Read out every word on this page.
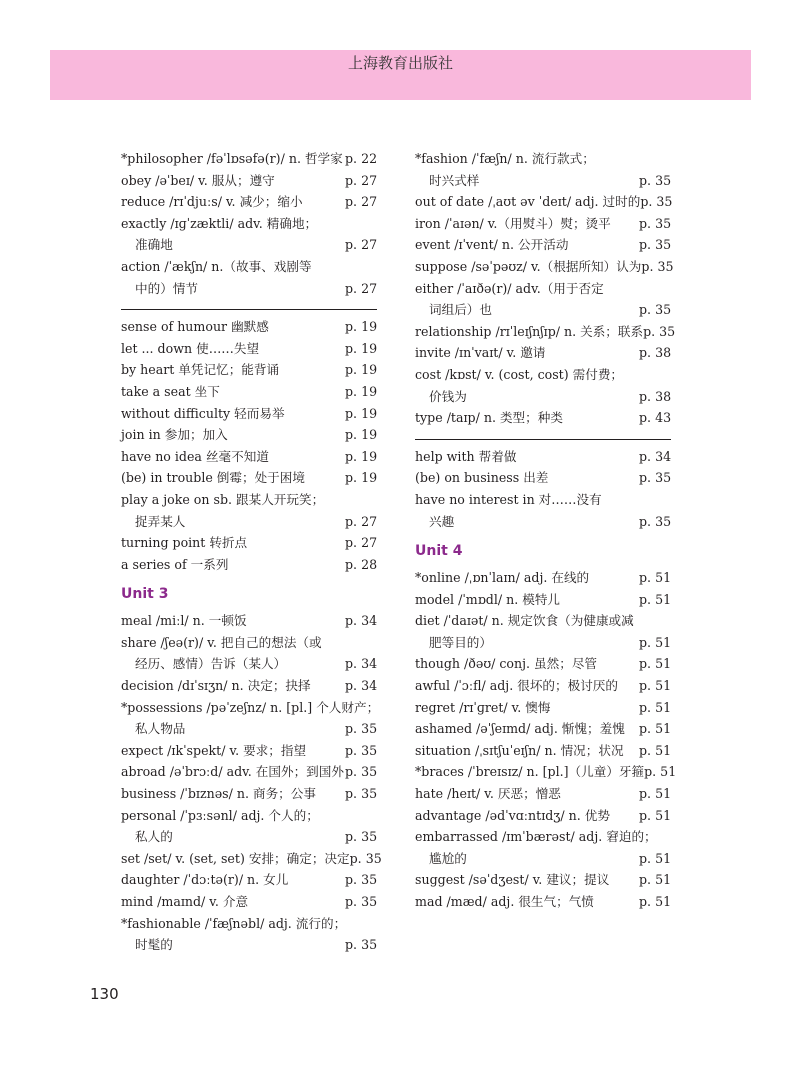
上海教育出版社
*philosopher /fəˈlɒsəfə(r)/ n. 哲学家 p. 22
obey /əˈbeɪ/ v. 服从；遵守	p. 27
reduce /rɪˈdjuːs/ v. 减少；缩小	p. 27
exactly /ɪɡˈzæktli/ adv. 精确地；
准确地	p. 27
action /ˈækʃn/ n.（故事、戏剧等
中的）情节	p. 27
sense of humour 幽默感	p. 19
let ... down 使……失望	p. 19
by heart 单凭记忆；能背诵	p. 19
take a seat 坐下	p. 19
without difficulty 轻而易举	p. 19
join in 参加；加入	p. 19
have no idea 丝毫不知道	p. 19
(be) in trouble 倒霉；处于困境	p. 19
play a joke on sb. 跟某人开玩笑；
捉弄某人	p. 27
turning point 转折点	p. 27
a series of 一系列	p. 28
Unit 3
meal /miːl/ n. 一顿饭	p. 34
share /ʃeə(r)/ v. 把自己的想法（或
经历、感情）告诉（某人）	p. 34
decision /dɪˈsɪʒn/ n. 决定；抉择	p. 34
*possessions /pəˈzeʃnz/ n. [pl.] 个人财产；
私人物品	p. 35
expect /ɪkˈspekt/ v. 要求；指望	p. 35
abroad /əˈbrɔːd/ adv. 在国外；到国外 p. 35
business /ˈbɪznəs/ n. 商务；公事	p. 35
personal /ˈpɜːsənl/ adj. 个人的；
私人的	p. 35
set /set/ v. (set, set) 安排；确定；决定 p. 35
daughter /ˈdɔːtə(r)/ n. 女儿	p. 35
mind /maɪnd/ v. 介意	p. 35
*fashionable /ˈfæʃnəbl/ adj. 流行的；
时髦的	p. 35
*fashion /ˈfæʃn/ n. 流行款式；
时兴式样	p. 35
out of date /ˌaʊt əv ˈdeɪt/ adj. 过时的 p. 35
iron /ˈaɪən/ v.（用熨斗）熨；烫平	p. 35
event /ɪˈvent/ n. 公开活动	p. 35
suppose /səˈpəʊz/ v.（根据所知）认为 p. 35
either /ˈaɪðə(r)/ adv.（用于否定
词组后）也	p. 35
relationship /rɪˈleɪʃnʃɪp/ n. 关系；联系 p. 35
invite /ɪnˈvaɪt/ v. 邀请	p. 38
cost /kɒst/ v. (cost, cost) 需付费；
价钱为	p. 38
type /taɪp/ n. 类型；种类	p. 43
help with 帮着做	p. 34
(be) on business 出差	p. 35
have no interest in 对……没有
兴趣	p. 35
Unit 4
*online /ˌɒnˈlaɪn/ adj. 在线的	p. 51
model /ˈmɒdl/ n. 模特儿	p. 51
diet /ˈdaɪət/ n. 规定饮食（为健康或减
肥等目的）	p. 51
though /ðəʊ/ conj. 虽然；尽管	p. 51
awful /ˈɔːfl/ adj. 很坏的；极讨厌的	p. 51
regret /rɪˈɡret/ v. 懊悔	p. 51
ashamed /əˈʃeɪmd/ adj. 惭愧；羞愧	p. 51
situation /ˌsɪtʃuˈeɪʃn/ n. 情况；状况	p. 51
*braces /ˈbreɪsɪz/ n. [pl.]（儿童）牙箍 p. 51
hate /heɪt/ v. 厌恶；憎恶	p. 51
advantage /ədˈvɑːntɪdʒ/ n. 优势	p. 51
embarrassed /ɪmˈbærəst/ adj. 窘迫的；
尴尬的	p. 51
suggest /səˈdʒest/ v. 建议；提议	p. 51
mad /mæd/ adj. 很生气；气愤	p. 51
130
